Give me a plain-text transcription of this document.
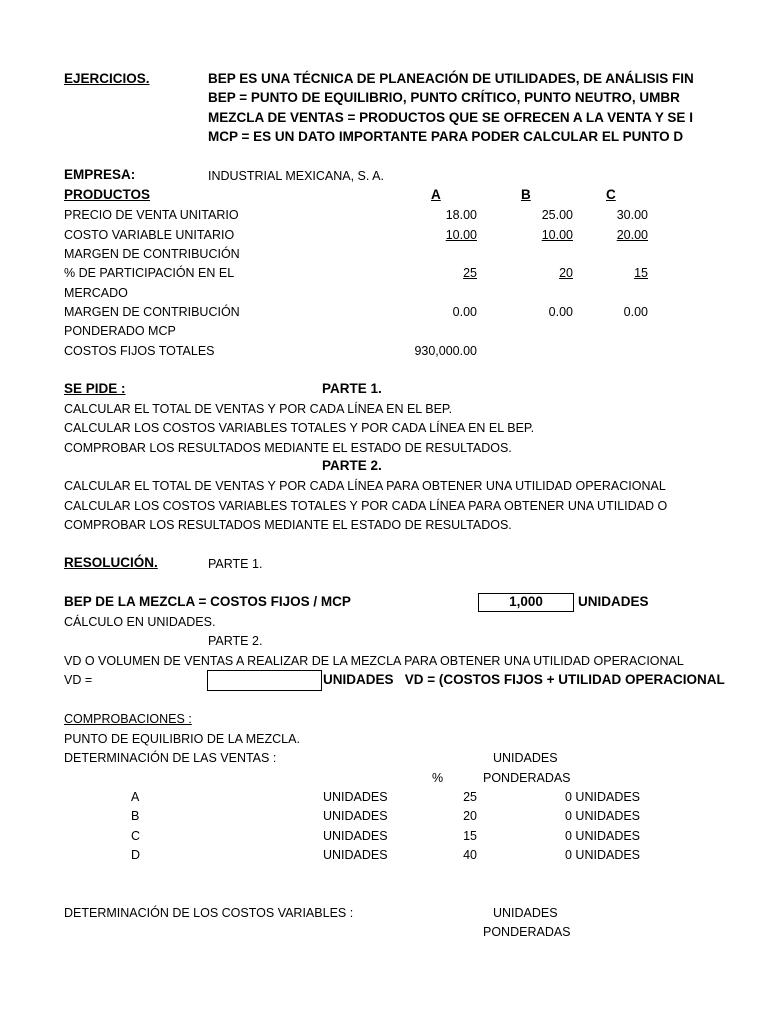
EJERCICIOS.	BEP ES UNA TÉCNICA DE PLANEACIÓN DE UTILIDADES, DE ANÁLISIS FIN
BEP = PUNTO DE EQUILIBRIO, PUNTO CRÍTICO, PUNTO NEUTRO, UMBR
MEZCLA DE VENTAS = PRODUCTOS QUE SE OFRECEN A LA VENTA Y SE I
MCP = ES UN DATO IMPORTANTE PARA PODER CALCULAR EL PUNTO D
EMPRESA:	INDUSTRIAL MEXICANA, S. A.
PRODUCTOS	A	B	C
PRECIO DE VENTA UNITARIO	18.00	25.00	30.00
COSTO VARIABLE UNITARIO	10.00	10.00	20.00
MARGEN DE CONTRIBUCIÓN
% DE PARTICIPACIÓN EN EL	25	20	15
MERCADO
MARGEN DE CONTRIBUCIÓN	0.00	0.00	0.00
PONDERADO MCP
COSTOS FIJOS TOTALES	930,000.00
SE PIDE :	PARTE 1.
CALCULAR EL TOTAL DE VENTAS Y POR CADA LÍNEA EN EL BEP.
CALCULAR LOS COSTOS VARIABLES TOTALES Y POR CADA LÍNEA EN EL BEP.
COMPROBAR LOS RESULTADOS MEDIANTE EL ESTADO DE RESULTADOS.
PARTE 2.
CALCULAR EL TOTAL DE VENTAS Y POR CADA LÍNEA PARA OBTENER UNA UTILIDAD OPERACIONAL
CALCULAR LOS COSTOS VARIABLES TOTALES Y POR CADA LÍNEA PARA OBTENER UNA UTILIDAD O
COMPROBAR LOS RESULTADOS MEDIANTE EL ESTADO DE RESULTADOS.
RESOLUCIÓN.	PARTE 1.
BEP DE LA MEZCLA = COSTOS FIJOS / MCP	1,000	UNIDADES
CÁLCULO EN UNIDADES.
PARTE 2.
VD O VOLUMEN DE VENTAS A REALIZAR DE LA MEZCLA PARA OBTENER UNA UTILIDAD OPERACIONAL
VD =	UNIDADES   VD = (COSTOS FIJOS + UTILIDAD OPERACIONAL
COMPROBACIONES :
PUNTO DE EQUILIBRIO DE LA MEZCLA.
DETERMINACIÓN DE LAS VENTAS :	UNIDADES
%	PONDERADAS
A	UNIDADES	25	0 UNIDADES
B	UNIDADES	20	0 UNIDADES
C	UNIDADES	15	0 UNIDADES
D	UNIDADES	40	0 UNIDADES
DETERMINACIÓN DE LOS COSTOS VARIABLES :	UNIDADES
PONDERADAS
